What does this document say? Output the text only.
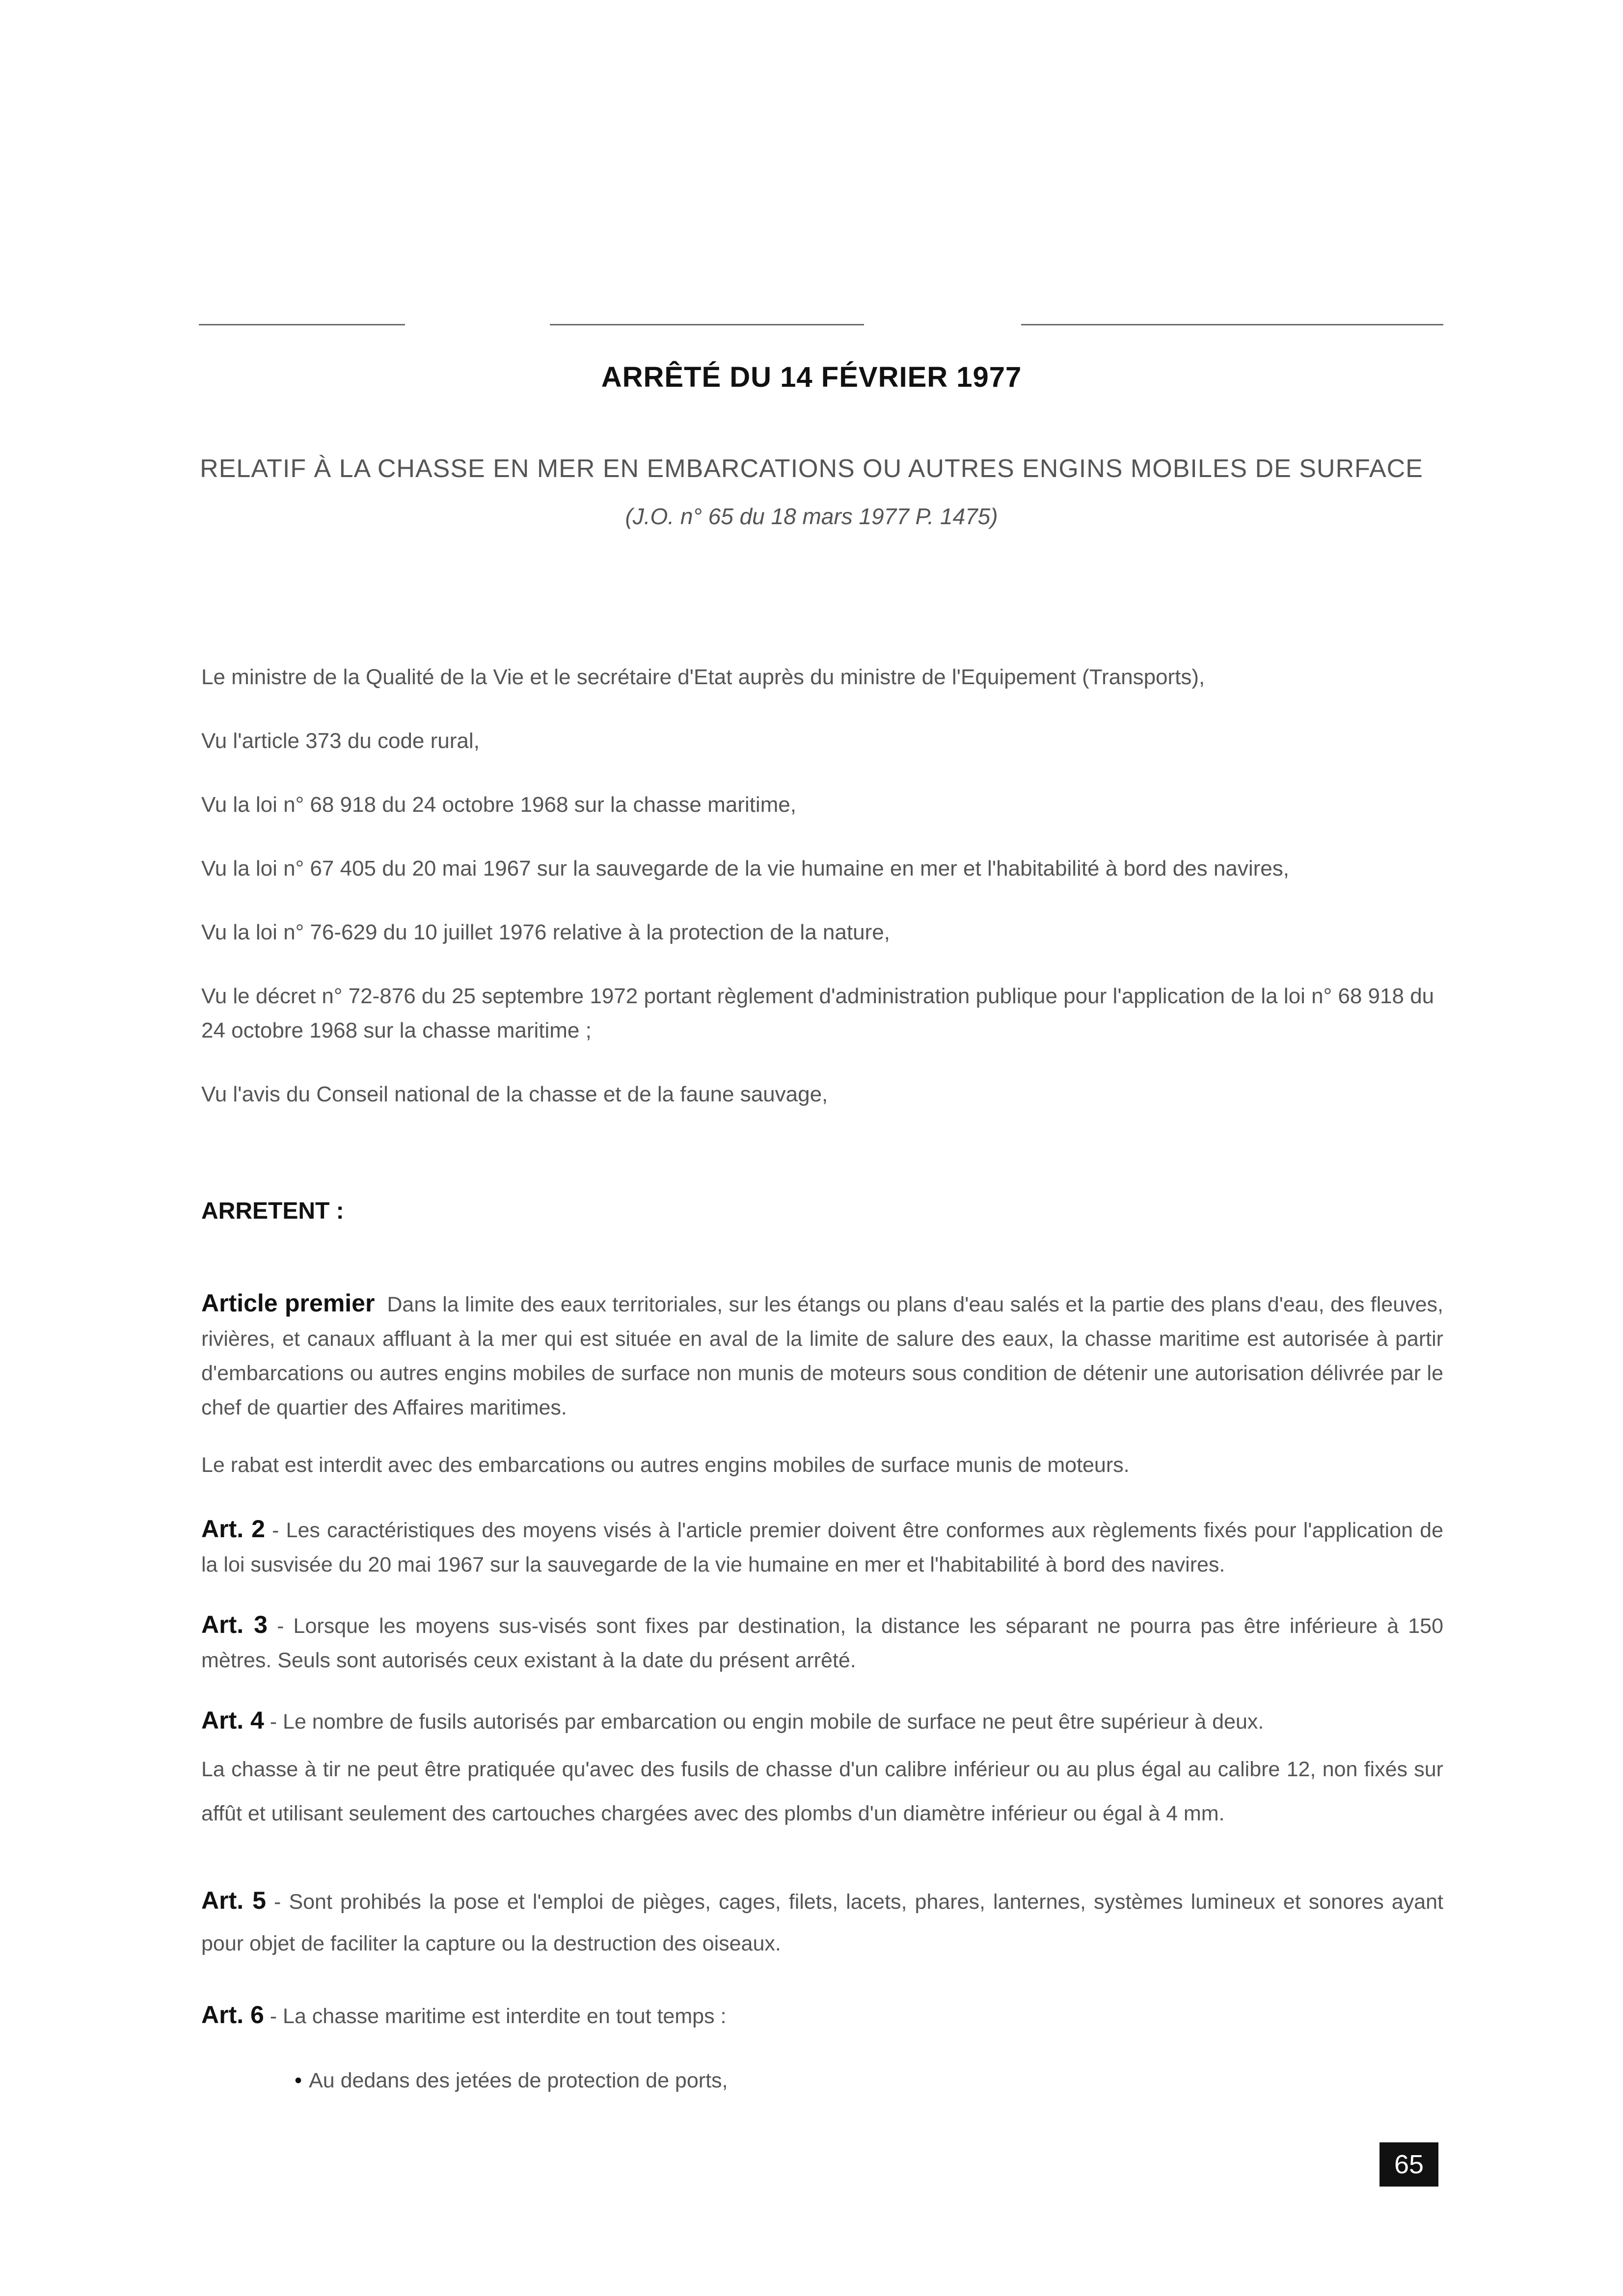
ARRÊTÉ DU 14 FÉVRIER 1977
RELATIF À LA CHASSE EN MER EN EMBARCATIONS OU AUTRES ENGINS MOBILES DE SURFACE
(J.O. n° 65 du 18 mars 1977 P. 1475)
Le ministre de la Qualité de la Vie et le secrétaire d'Etat auprès du ministre de l'Equipement (Transports),
Vu l'article 373 du code rural,
Vu la loi n° 68 918 du 24 octobre 1968 sur la chasse maritime,
Vu la loi n° 67 405 du 20 mai 1967 sur la sauvegarde de la vie humaine en mer et l'habitabilité à bord des navires,
Vu la loi n° 76-629 du 10 juillet 1976 relative à la protection de la nature,
Vu le décret n° 72-876 du 25 septembre 1972 portant règlement d'administration publique pour l'application de la loi n° 68 918 du 24 octobre 1968 sur la chasse maritime ;
Vu l'avis du Conseil national de la chasse et de la faune sauvage,
ARRETENT :
Article premier Dans la limite des eaux territoriales, sur les étangs ou plans d'eau salés et la partie des plans d'eau, des fleuves, rivières, et canaux affluant à la mer qui est située en aval de la limite de salure des eaux, la chasse maritime est autorisée à partir d'embarcations ou autres engins mobiles de surface non munis de moteurs sous condition de détenir une autorisation délivrée par le chef de quartier des Affaires maritimes.
Le rabat est interdit avec des embarcations ou autres engins mobiles de surface munis de moteurs.
Art. 2 - Les caractéristiques des moyens visés à l'article premier doivent être conformes aux règlements fixés pour l'application de la loi susvisée du 20 mai 1967 sur la sauvegarde de la vie humaine en mer et l'habitabilité à bord des navires.
Art. 3 - Lorsque les moyens sus-visés sont fixes par destination, la distance les séparant ne pourra pas être inférieure à 150 mètres. Seuls sont autorisés ceux existant à la date du présent arrêté.
Art. 4 - Le nombre de fusils autorisés par embarcation ou engin mobile de surface ne peut être supérieur à deux.
La chasse à tir ne peut être pratiquée qu'avec des fusils de chasse d'un calibre inférieur ou au plus égal au calibre 12, non fixés sur affût et utilisant seulement des cartouches chargées avec des plombs d'un diamètre inférieur ou égal à 4 mm.
Art. 5 - Sont prohibés la pose et l'emploi de pièges, cages, filets, lacets, phares, lanternes, systèmes lumineux et sonores ayant pour objet de faciliter la capture ou la destruction des oiseaux.
Art. 6 - La chasse maritime est interdite en tout temps :
• Au dedans des jetées de protection de ports,
65
